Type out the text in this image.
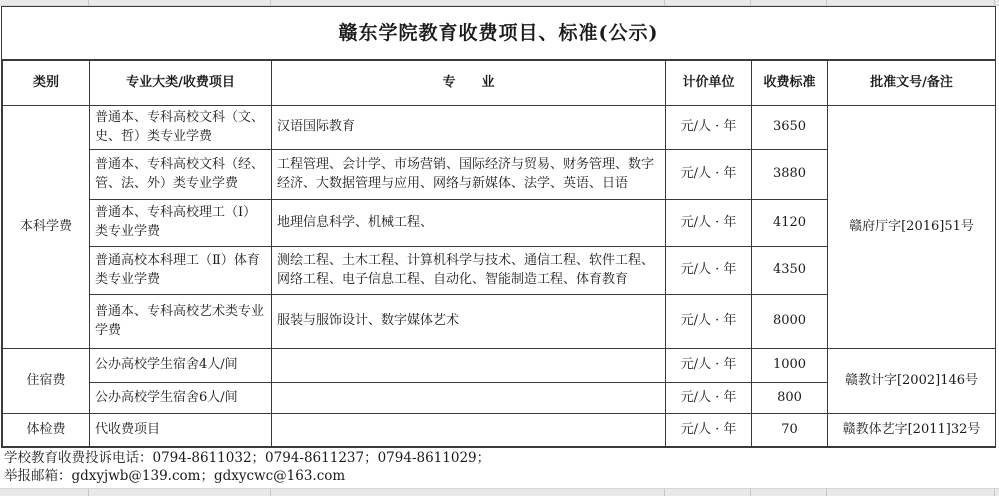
赣东学院教育收费项目、标准(公示)
类别	专业大类/收费项目	专　　业	计价单位	收费标准	批准文号/备注
本科学费	普通本、专科高校文科（文、史、哲）类专业学费	汉语国际教育	元/人 · 年	3650	赣府厅字[2016]51号
	普通本、专科高校文科（经、管、法、外）类专业学费	工程管理、会计学、市场营销、国际经济与贸易、财务管理、数字经济、大数据管理与应用、网络与新媒体、法学、英语、日语	元/人 · 年	3880	
	普通本、专科高校理工（Ⅰ）类专业学费	地理信息科学、机械工程、	元/人 · 年	4120	
	普通高校本科理工（Ⅱ）体育类专业学费	测绘工程、土木工程、计算机科学与技术、通信工程、软件工程、网络工程、电子信息工程、自动化、智能制造工程、体育教育	元/人 · 年	4350	
	普通本、专科高校艺术类专业学费	服装与服饰设计、数字媒体艺术	元/人 · 年	8000	
住宿费	公办高校学生宿舍4人/间		元/人 · 年	1000	赣教计字[2002]146号
	公办高校学生宿舍6人/间		元/人 · 年	800	
体检费	代收费项目		元/人 · 年	70	赣教体艺字[2011]32号
学校教育收费投诉电话：0794-8611032；0794-8611237；0794-8611029；
举报邮箱：gdxyjwb@139.com；gdxycwc@163.com
